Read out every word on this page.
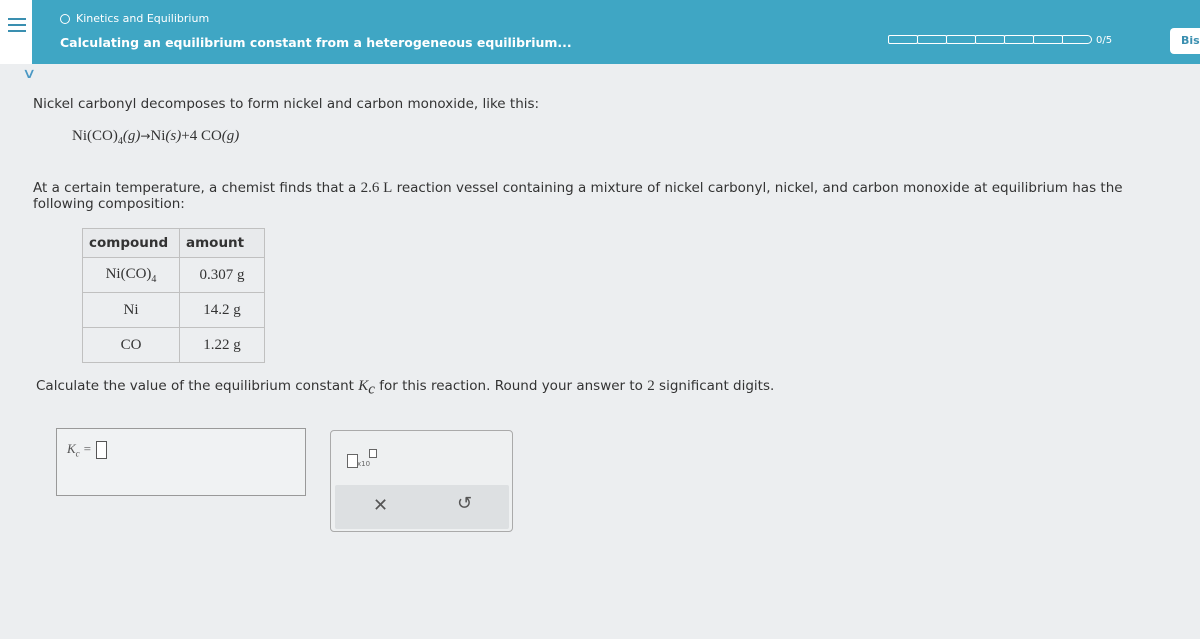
Kinetics and Equilibrium
Calculating an equilibrium constant from a heterogeneous equilibrium...	0/5	Bis
∨
Nickel carbonyl decomposes to form nickel and carbon monoxide, like this:
$Ni(CO)_4(g)\to Ni(s)+4$ CO(g)
At a certain temperature, a chemist finds that a 2.6 L reaction vessel containing a mixture of nickel carbonyl, nickel, and carbon monoxide at equilibrium has the following composition:
compound	amount
$Ni(CO)_4$	0.307 g
Ni	14.2 g
CO	1.22 g
Calculate the value of the equilibrium constant $K_c$ for this reaction. Round your answer to 2 significant digits.
$K_c$ =
x10
✕	↺
